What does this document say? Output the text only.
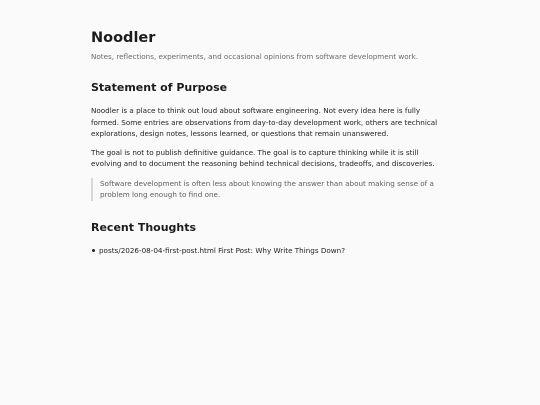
Noodler

Notes, reflections, experiments, and occasional opinions from software development work.

Statement of Purpose

Noodler is a place to think out loud about software engineering. Not every idea here is fully formed. Some entries are observations from day-to-day development work, others are technical explorations, design notes, lessons learned, or questions that remain unanswered.

The goal is not to publish definitive guidance. The goal is to capture thinking while it is still evolving and to document the reasoning behind technical decisions, tradeoffs, and discoveries.

Software development is often less about knowing the answer than about making sense of a problem long enough to find one.
Recent Thoughts
posts/2026-08-04-first-post.html First Post: Why Write Things Down?
